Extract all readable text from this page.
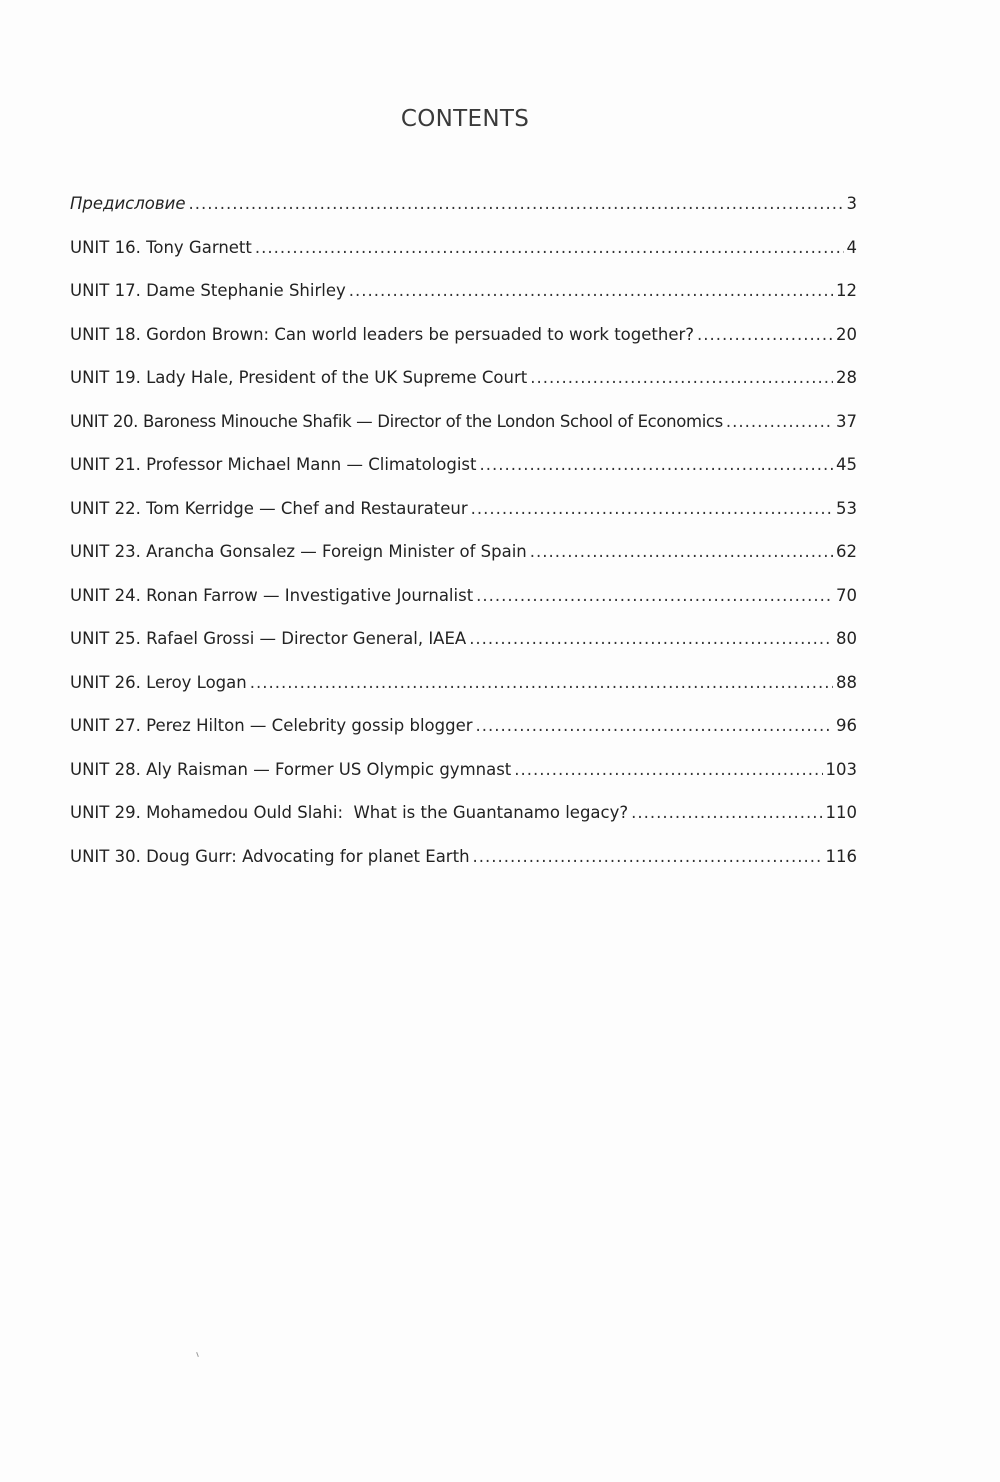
CONTENTS
Предисловие .....	3
UNIT 16. Tony Garnett .....	4
UNIT 17. Dame Stephanie Shirley .....	12
UNIT 18. Gordon Brown: Can world leaders be persuaded to work together? .....	20
UNIT 19. Lady Hale, President of the UK Supreme Court .....	28
UNIT 20. Baroness Minouche Shafik — Director of the London School of Economics .....	37
UNIT 21. Professor Michael Mann — Climatologist .....	45
UNIT 22. Tom Kerridge — Chef and Restaurateur .....	53
UNIT 23. Arancha Gonsalez — Foreign Minister of Spain .....	62
UNIT 24. Ronan Farrow — Investigative Journalist .....	70
UNIT 25. Rafael Grossi — Director General, IAEA .....	80
UNIT 26. Leroy Logan .....	88
UNIT 27. Perez Hilton — Celebrity gossip blogger .....	96
UNIT 28. Aly Raisman — Former US Olympic gymnast .....	103
UNIT 29. Mohamedou Ould Slahi:  What is the Guantanamo legacy? .....	110
UNIT 30. Doug Gurr: Advocating for planet Earth .....	116
